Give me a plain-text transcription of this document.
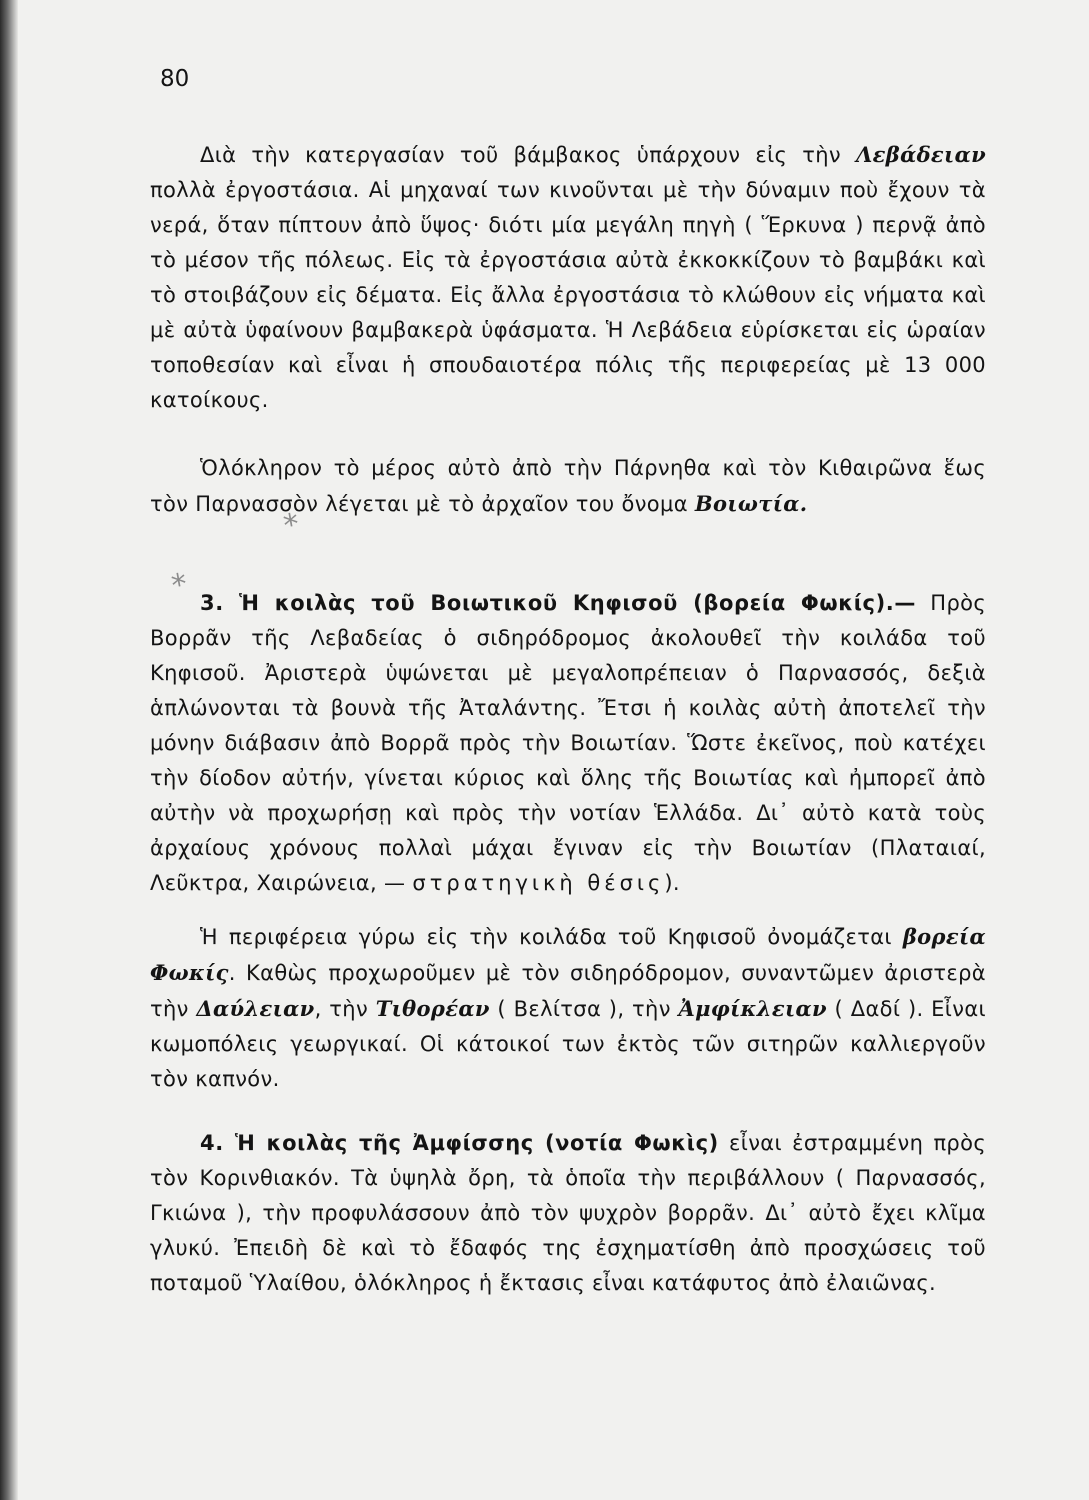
80

Διὰ τὴν κατεργασίαν τοῦ βάμβακος ὑπάρχουν εἰς τὴν Λεβάδειαν πολλὰ ἐργοστάσια. Αἱ μηχαναί των κινοῦνται μὲ τὴν δύναμιν ποὺ ἔχουν τὰ νερά, ὅταν πίπτουν ἀπὸ ὕψος· διότι μία μεγάλη πηγὴ ( Ἕρκυνα ) περνᾷ ἀπὸ τὸ μέσον τῆς πόλεως. Εἰς τὰ ἐργοστάσια αὐτὰ ἐκκοκκίζουν τὸ βαμβάκι καὶ τὸ στοιβάζουν εἰς δέματα. Εἰς ἄλλα ἐργοστάσια τὸ κλώθουν εἰς νήματα καὶ μὲ αὐτὰ ὑφαίνουν βαμβακερὰ ὑφάσματα. Ἡ Λεβάδεια εὑρίσκεται εἰς ὡραίαν τοποθεσίαν καὶ εἶναι ἡ σπουδαιοτέρα πόλις τῆς περιφερείας μὲ 13 000 κατοίκους.

Ὁλόκληρον τὸ μέρος αὐτὸ ἀπὸ τὴν Πάρνηθα καὶ τὸν Κιθαιρῶνα ἕως τὸν Παρνασσὸν λέγεται μὲ τὸ ἀρχαῖον του ὄνομα Βοιωτία.

*
* 3. Ἡ κοιλὰς τοῦ Βοιωτικοῦ Κηφισοῦ (βορεία Φωκίς).— Πρὸς Βορρᾶν τῆς Λεβαδείας ὁ σιδηρόδρομος ἀκολουθεῖ τὴν κοιλάδα τοῦ Κηφισοῦ. Ἀριστερὰ ὑψώνεται μὲ μεγαλοπρέπειαν ὁ Παρνασσός, δεξιὰ ἁπλώνονται τὰ βουνὰ τῆς Ἀταλάντης. Ἔτσι ἡ κοιλὰς αὐτὴ ἀποτελεῖ τὴν μόνην διάβασιν ἀπὸ Βορρᾶ πρὸς τὴν Βοιωτίαν. Ὥστε ἐκεῖνος, ποὺ κατέχει τὴν δίοδον αὐτήν, γίνεται κύριος καὶ ὅλης τῆς Βοιωτίας καὶ ἠμπορεῖ ἀπὸ αὐτὴν νὰ προχωρήσῃ καὶ πρὸς τὴν νοτίαν Ἑλλάδα. Δι᾿ αὐτὸ κατὰ τοὺς ἀρχαίους χρόνους πολλαὶ μάχαι ἔγιναν εἰς τὴν Βοιωτίαν (Πλαταιαί, Λεῦκτρα, Χαιρώνεια, — στρατηγικὴ θέσις).

Ἡ περιφέρεια γύρω εἰς τὴν κοιλάδα τοῦ Κηφισοῦ ὀνομάζεται βορεία Φωκίς. Καθὼς προχωροῦμεν μὲ τὸν σιδηρόδρομον, συναντῶμεν ἀριστερὰ τὴν Δαύλειαν, τὴν Τιθορέαν ( Βελίτσα ), τὴν Ἀμφίκλειαν ( Δαδί ). Εἶναι κωμοπόλεις γεωργικαί. Οἱ κάτοικοί των ἐκτὸς τῶν σιτηρῶν καλλιεργοῦν τὸν καπνόν.

4. Ἡ κοιλὰς τῆς Ἀμφίσσης (νοτία Φωκὶς) εἶναι ἐστραμμένη πρὸς τὸν Κορινθιακόν. Τὰ ὑψηλὰ ὄρη, τὰ ὁποῖα τὴν περιβάλλουν ( Παρνασσός, Γκιώνα ), τὴν προφυλάσσουν ἀπὸ τὸν ψυχρὸν βορρᾶν. Δι᾿ αὐτὸ ἔχει κλῖμα γλυκύ. Ἐπειδὴ δὲ καὶ τὸ ἔδαφός της ἐσχηματίσθη ἀπὸ προσχώσεις τοῦ ποταμοῦ Ὑλαίθου, ὁλόκληρος ἡ ἔκτασις εἶναι κατάφυτος ἀπὸ ἐλαιῶνας.
